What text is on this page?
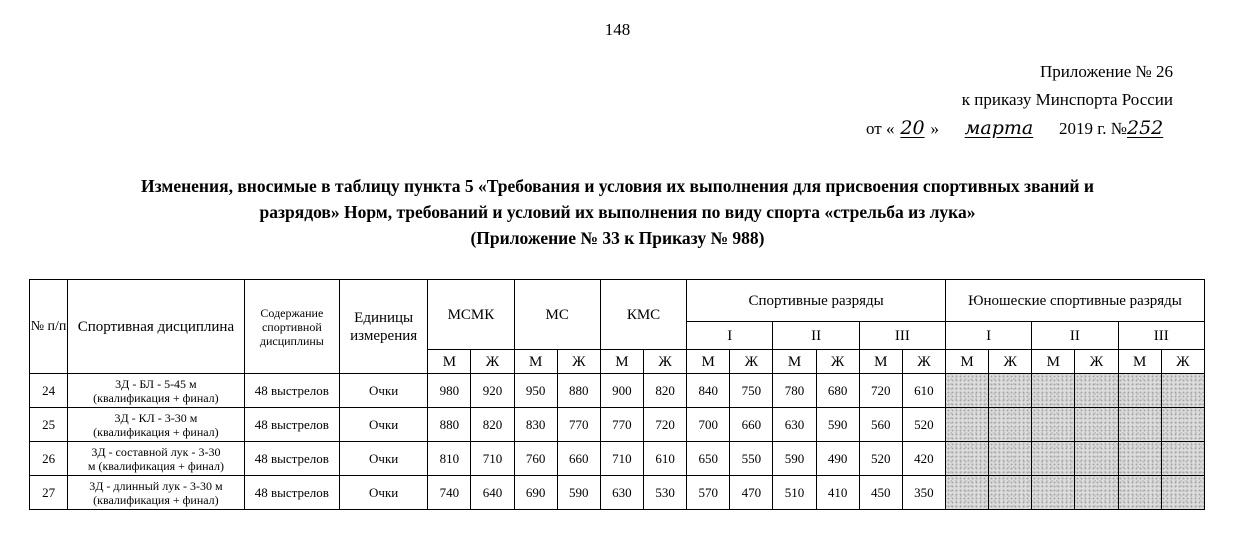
148
Приложение № 26
к приказу Минспорта России
от « 20 » марта 2019 г. №252
Изменения, вносимые в таблицу пункта 5 «Требования и условия их выполнения для присвоения спортивных званий и
разрядов» Норм, требований и условий их выполнения по виду спорта «стрельба из лука»
(Приложение № 33 к Приказу № 988)
№ п/п	Спортивная дисциплина	Содержание спортивной дисциплины	Единицы измерения	МСМК		МС		КМС		Спортивные разряды						Юношеские спортивные разряды					
										I		II		III		I		II		III	
				М	Ж	М	Ж	М	Ж	М	Ж	М	Ж	М	Ж	М	Ж	М	Ж	М	Ж
24	3Д - БЛ - 5-45 м
(квалификация + финал)	48 выстрелов	Очки	980	920	950	880	900	820	840	750	780	680	720	610						
25	3Д - КЛ - 3-30 м
(квалификация + финал)	48 выстрелов	Очки	880	820	830	770	770	720	700	660	630	590	560	520						
26	3Д - составной лук - 3-30
м (квалификация + финал)	48 выстрелов	Очки	810	710	760	660	710	610	650	550	590	490	520	420						
27	3Д - длинный лук - 3-30 м
(квалификация + финал)	48 выстрелов	Очки	740	640	690	590	630	530	570	470	510	410	450	350						
